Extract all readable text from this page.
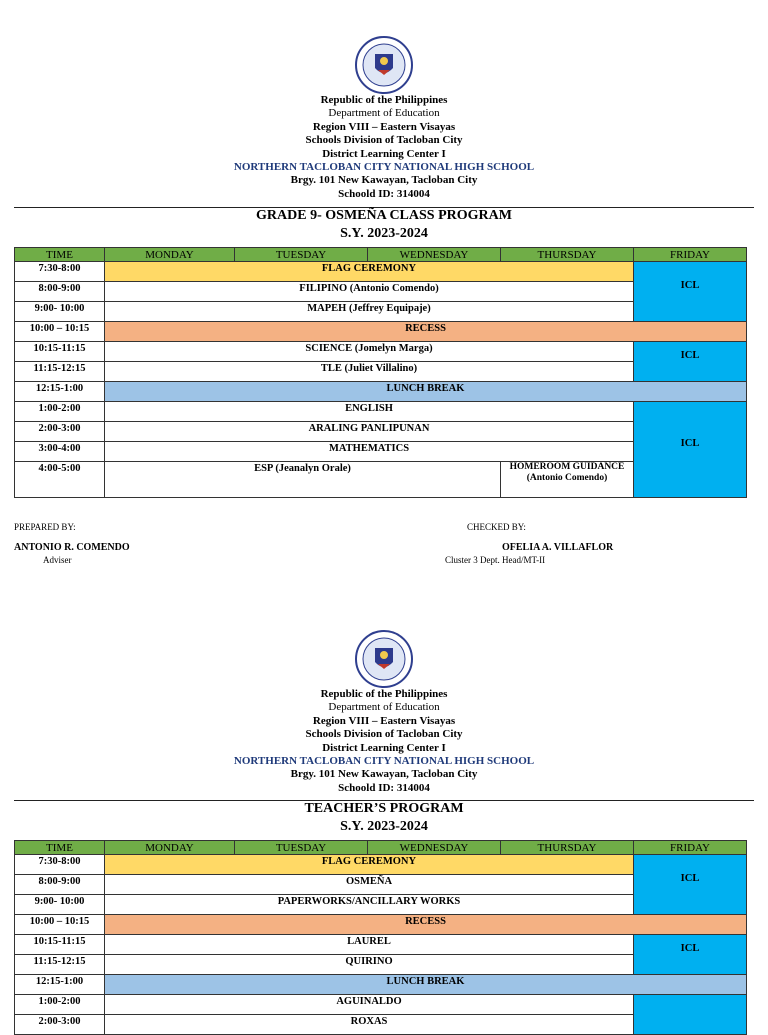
Republic of the Philippines
Department of Education
Region VIII – Eastern Visayas
Schools Division of Tacloban City
District Learning Center I
NORTHERN TACLOBAN CITY NATIONAL HIGH SCHOOL
Brgy. 101 New Kawayan, Tacloban City
Schoold ID: 314004
GRADE 9- OSMEÑA CLASS PROGRAM
S.Y. 2023-2024
TIME	MONDAY	TUESDAY	WEDNESDAY	THURSDAY	FRIDAY
7:30-8:00	FLAG CEREMONY				ICL
8:00-9:00	FILIPINO (Antonio Comendo)				
9:00- 10:00	MAPEH (Jeffrey Equipaje)				
10:00 – 10:15	RECESS				
10:15-11:15	SCIENCE (Jomelyn Marga)				ICL
11:15-12:15	TLE (Juliet Villalino)				
12:15-1:00	LUNCH BREAK				
1:00-2:00	ENGLISH				ICL
2:00-3:00	ARALING PANLIPUNAN				
3:00-4:00	MATHEMATICS				
4:00-5:00	ESP (Jeanalyn Orale)			HOMEROOM GUIDANCE (Antonio Comendo)	
PREPARED BY:
ANTONIO R. COMENDO
Adviser
CHECKED BY:
OFELIA A. VILLAFLOR
Cluster 3 Dept. Head/MT-II
Republic of the Philippines
Department of Education
Region VIII – Eastern Visayas
Schools Division of Tacloban City
District Learning Center I
NORTHERN TACLOBAN CITY NATIONAL HIGH SCHOOL
Brgy. 101 New Kawayan, Tacloban City
Schoold ID: 314004
TEACHER’S PROGRAM
S.Y. 2023-2024
TIME	MONDAY	TUESDAY	WEDNESDAY	THURSDAY	FRIDAY
7:30-8:00	FLAG CEREMONY				ICL
8:00-9:00	OSMEÑA				
9:00- 10:00	PAPERWORKS/ANCILLARY WORKS				
10:00 – 10:15	RECESS				
10:15-11:15	LAUREL				ICL
11:15-12:15	QUIRINO				
12:15-1:00	LUNCH BREAK				
1:00-2:00	AGUINALDO				
2:00-3:00	ROXAS				
